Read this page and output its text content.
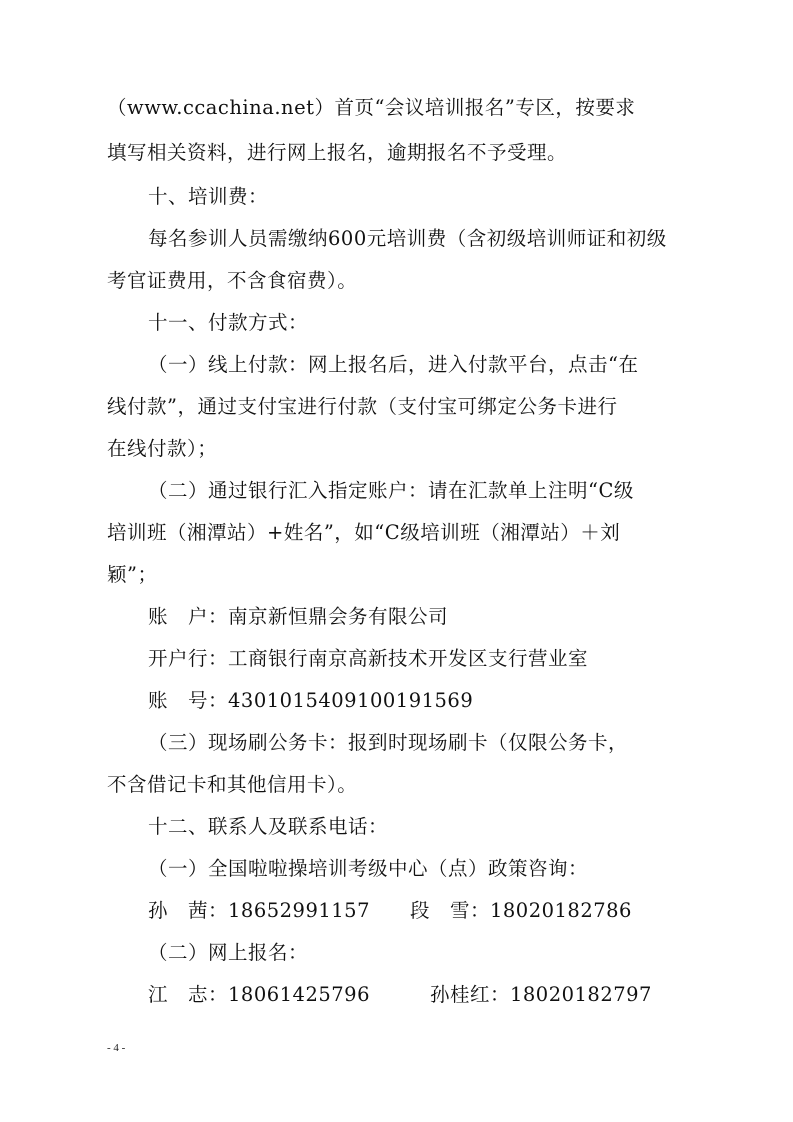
（www.ccachina.net）首页“会议培训报名”专区，按要求
填写相关资料，进行网上报名，逾期报名不予受理。
十、培训费：
每名参训人员需缴纳600元培训费（含初级培训师证和初级
考官证费用，不含食宿费）。
十一、付款方式：
（一）线上付款：网上报名后，进入付款平台，点击“在
线付款”，通过支付宝进行付款（支付宝可绑定公务卡进行
在线付款）；
（二）通过银行汇入指定账户：请在汇款单上注明“C级
培训班（湘潭站）+姓名”，如“C级培训班（湘潭站）＋刘
颖”；
账　户：南京新恒鼎会务有限公司
开户行：工商银行南京高新技术开发区支行营业室
账　号：4301015409100191569
（三）现场刷公务卡：报到时现场刷卡（仅限公务卡，
不含借记卡和其他信用卡）。
十二、联系人及联系电话：
（一）全国啦啦操培训考级中心（点）政策咨询：
孙　茜：18652991157　　段　雪：18020182786
（二）网上报名：
江　志：18061425796　　　孙桂红：18020182797
- 4 -
